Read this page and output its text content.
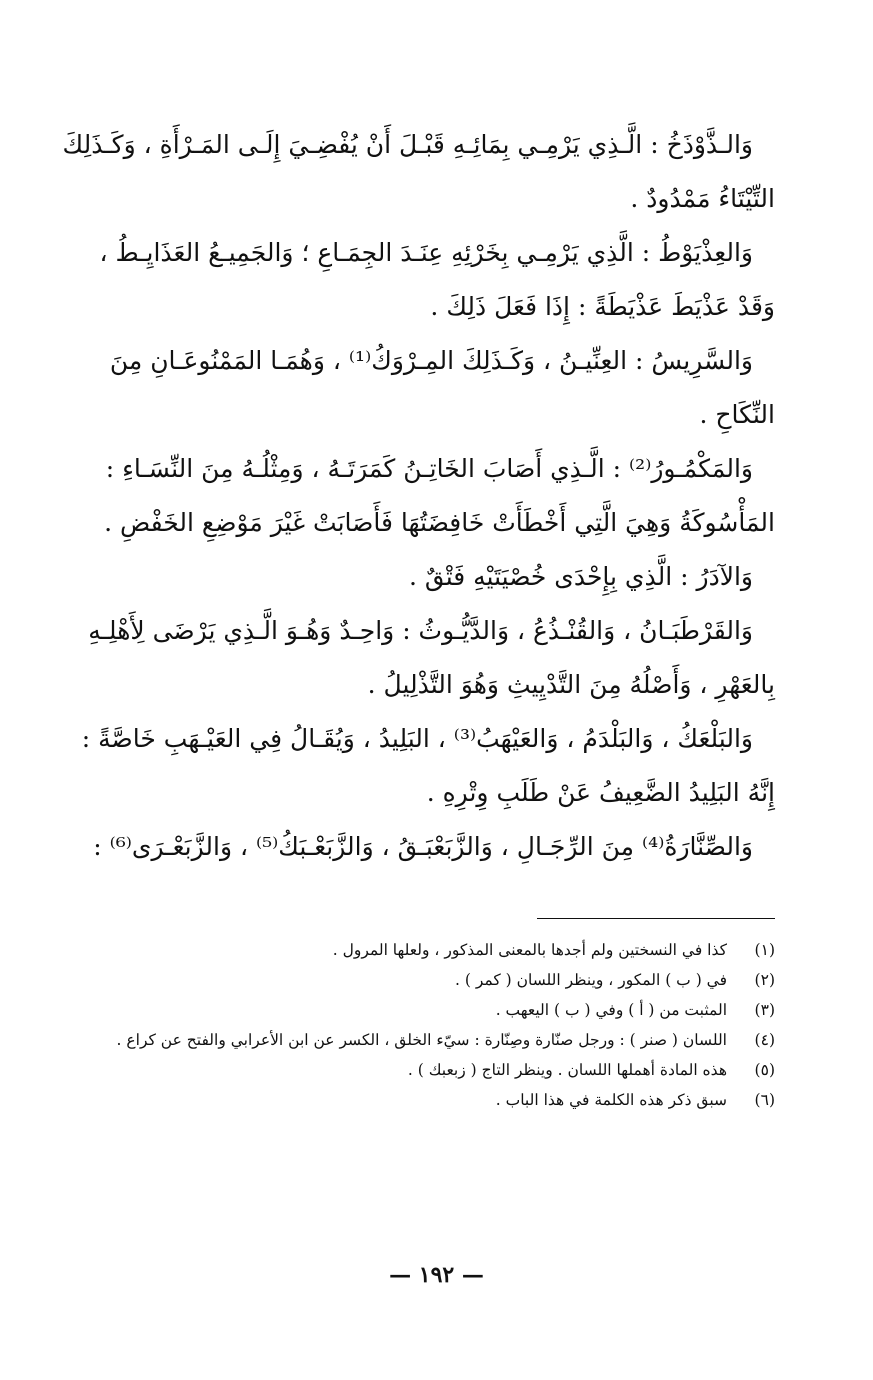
وَالـذَّوْذَخُ : الَّـذِي يَرْمِـي بِمَائِـهِ قَبْـلَ أَنْ يُفْضِـيَ إِلَـى المَـرْأَةِ ، وَكَـذَلِكَ
التِّيْتَاءُ مَمْدُودٌ .

وَالعِذْيَوْطُ : الَّذِي يَرْمِـي بِخَرْئِهِ عِنَـدَ الجِمَـاعِ ؛ وَالجَمِيـعُ العَذَايِـطُ ،
وَقَدْ عَذْيَطَ عَذْيَطَةً : إِذَا فَعَلَ ذَلِكَ .

وَالسَّرِيسُ : العِنِّيـنُ ، وَكَـذَلِكَ المِـرْوَكُ⁽¹⁾ ، وَهُمَـا المَمْنُوعَـانِ مِنَ
النِّكَاحِ .

وَالمَكْمُـورُ⁽²⁾ : الَّـذِي أَصَابَ الخَاتِـنُ كَمَرَتَـهُ ، وَمِثْلُـهُ مِنَ النِّسَـاءِ :
المَأْسُوكَةُ وَهِيَ الَّتِي أَخْطَأَتْ خَافِضَتُهَا فَأَصَابَتْ غَيْرَ مَوْضِعِ الخَفْضِ .

وَالآدَرُ : الَّذِي بِإِحْدَى خُصْيَتَيْهِ فَتْقٌ .

وَالقَرْطَبَـانُ ، وَالقُنْـذُعُ ، وَالدَّيُّـوثُ : وَاحِـدٌ وَهُـوَ الَّـذِي يَرْضَى لِأَهْلِـهِ
بِالعَهْرِ ، وَأَصْلُهُ مِنَ التَّدْيِيثِ وَهُوَ التَّذْلِيلُ .

وَالبَلْعَكُ ، وَالبَلْدَمُ ، وَالعَيْهَبُ⁽³⁾ ، البَلِيدُ ، وَيُقَـالُ فِي العَيْـهَبِ خَاصَّةً :
إِنَّهُ البَلِيدُ الضَّعِيفُ عَنْ طَلَبِ وِتْرِهِ .

وَالصِّنَّارَةُ⁽⁴⁾ مِنَ الرِّجَـالِ ، وَالزَّبَعْبَـقُ ، وَالزَّبَعْـبَكُ⁽⁵⁾ ، وَالزَّبَعْـرَى⁽⁶⁾ :

(١)
كذا في النسختين ولم أجدها بالمعنى المذكور ، ولعلها المرول .
(٢)
في ( ب ) المكور ، وينظر اللسان ( كمر ) .
(٣)
المثبت من ( أ ) وفي ( ب ) اليعهب .
(٤)
اللسان ( صنر ) : ورجل صنّارة وصِنّارة : سيّء الخلق ، الكسر عن ابن الأعرابي والفتح عن كراع .
(٥)
هذه المادة أهملها اللسان . وينظر التاج ( زبعبك ) .
(٦)
سبق ذكر هذه الكلمة في هذا الباب .
— ١٩٢ —
